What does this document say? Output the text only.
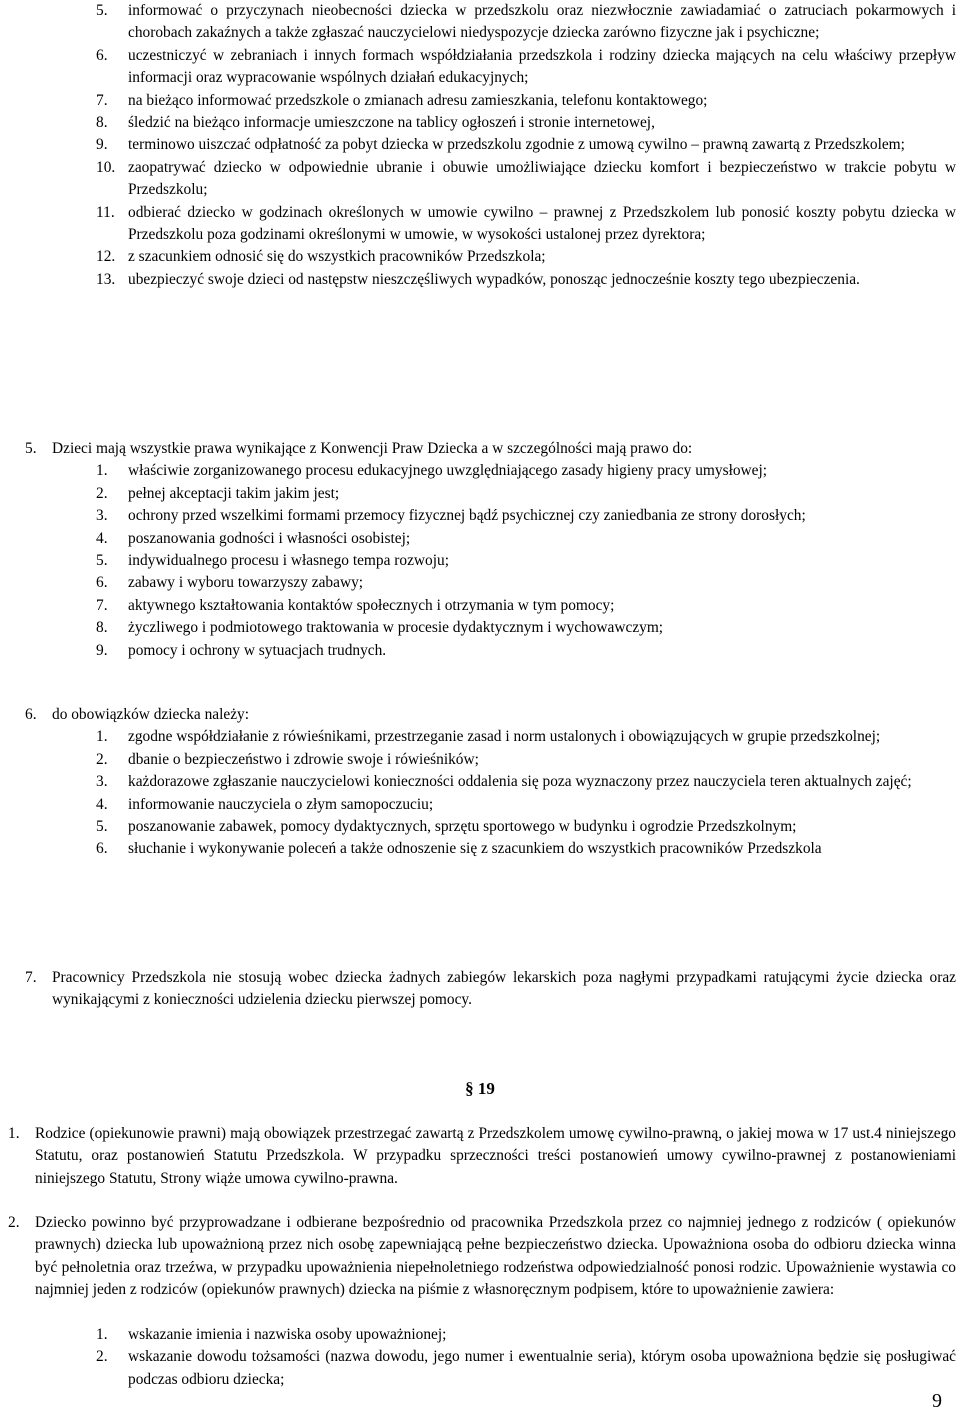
5. informować o przyczynach nieobecności dziecka w przedszkolu oraz niezwłocznie zawiadamiać o zatruciach pokarmowych i chorobach zakaźnych a także zgłaszać nauczycielowi niedyspozycje dziecka zarówno fizyczne jak i psychiczne;
6. uczestniczyć w zebraniach i innych formach współdziałania przedszkola i rodziny dziecka mających na celu właściwy przepływ informacji oraz wypracowanie wspólnych działań edukacyjnych;
7. na bieżąco informować przedszkole o zmianach adresu zamieszkania, telefonu kontaktowego;
8. śledzić na bieżąco informacje umieszczone na tablicy ogłoszeń i stronie internetowej,
9. terminowo uiszczać odpłatność za pobyt dziecka w przedszkolu zgodnie z umową cywilno – prawną zawartą z Przedszkolem;
10. zaopatrywać dziecko w odpowiednie ubranie i obuwie umożliwiające dziecku komfort i bezpieczeństwo w trakcie pobytu w Przedszkolu;
11. odbierać dziecko w godzinach określonych w umowie cywilno – prawnej z Przedszkolem lub ponosić koszty pobytu dziecka w Przedszkolu poza godzinami określonymi w umowie, w wysokości ustalonej przez dyrektora;
12. z szacunkiem odnosić się do wszystkich pracowników Przedszkola;
13. ubezpieczyć swoje dzieci od następstw nieszczęśliwych wypadków, ponosząc jednocześnie koszty tego ubezpieczenia.
5. Dzieci mają wszystkie prawa wynikające z Konwencji Praw Dziecka a w szczególności mają prawo do:
1. właściwie zorganizowanego procesu edukacyjnego uwzględniającego zasady higieny pracy umysłowej;
2. pełnej akceptacji takim jakim jest;
3. ochrony przed wszelkimi formami przemocy fizycznej bądź psychicznej czy zaniedbania ze strony dorosłych;
4. poszanowania godności i własności osobistej;
5. indywidualnego procesu i własnego tempa rozwoju;
6. zabawy i wyboru towarzyszy zabawy;
7. aktywnego kształtowania kontaktów społecznych i otrzymania w tym pomocy;
8. życzliwego i podmiotowego traktowania w procesie dydaktycznym i wychowawczym;
9. pomocy i ochrony w sytuacjach trudnych.
6. do obowiązków dziecka należy:
1. zgodne współdziałanie z rówieśnikami, przestrzeganie zasad i norm ustalonych i obowiązujących w grupie przedszkolnej;
2. dbanie o bezpieczeństwo i zdrowie swoje i rówieśników;
3. każdorazowe zgłaszanie nauczycielowi konieczności oddalenia się poza wyznaczony przez nauczyciela teren aktualnych zajęć;
4. informowanie nauczyciela o złym samopoczuciu;
5. poszanowanie zabawek, pomocy dydaktycznych, sprzętu sportowego w budynku i ogrodzie Przedszkolnym;
6. słuchanie i wykonywanie poleceń a także odnoszenie się z szacunkiem do wszystkich pracowników Przedszkola
7. Pracownicy Przedszkola nie stosują wobec dziecka żadnych zabiegów lekarskich poza nagłymi przypadkami ratującymi życie dziecka oraz wynikającymi z konieczności udzielenia dziecku pierwszej pomocy.
§ 19
1. Rodzice (opiekunowie prawni) mają obowiązek przestrzegać zawartą z Przedszkolem umowę cywilno-prawną, o jakiej mowa w 17 ust.4 niniejszego Statutu, oraz postanowień Statutu Przedszkola. W przypadku sprzeczności treści postanowień umowy cywilno-prawnej z postanowieniami niniejszego Statutu, Strony wiąże umowa cywilno-prawna.
2. Dziecko powinno być przyprowadzane i odbierane bezpośrednio od pracownika Przedszkola przez co najmniej jednego z rodziców ( opiekunów prawnych) dziecka lub upoważnioną przez nich osobę zapewniającą pełne bezpieczeństwo dziecka. Upoważniona osoba do odbioru dziecka winna być pełnoletnia oraz trzeźwa, w przypadku upoważnienia niepełnoletniego rodzeństwa odpowiedzialność ponosi rodzic. Upoważnienie wystawia co najmniej jeden z rodziców (opiekunów prawnych) dziecka na piśmie z własnoręcznym podpisem, które to upoważnienie zawiera:
1. wskazanie imienia i nazwiska osoby upoważnionej;
2. wskazanie dowodu tożsamości (nazwa dowodu, jego numer i ewentualnie seria), którym osoba upoważniona będzie się posługiwać podczas odbioru dziecka;
9
